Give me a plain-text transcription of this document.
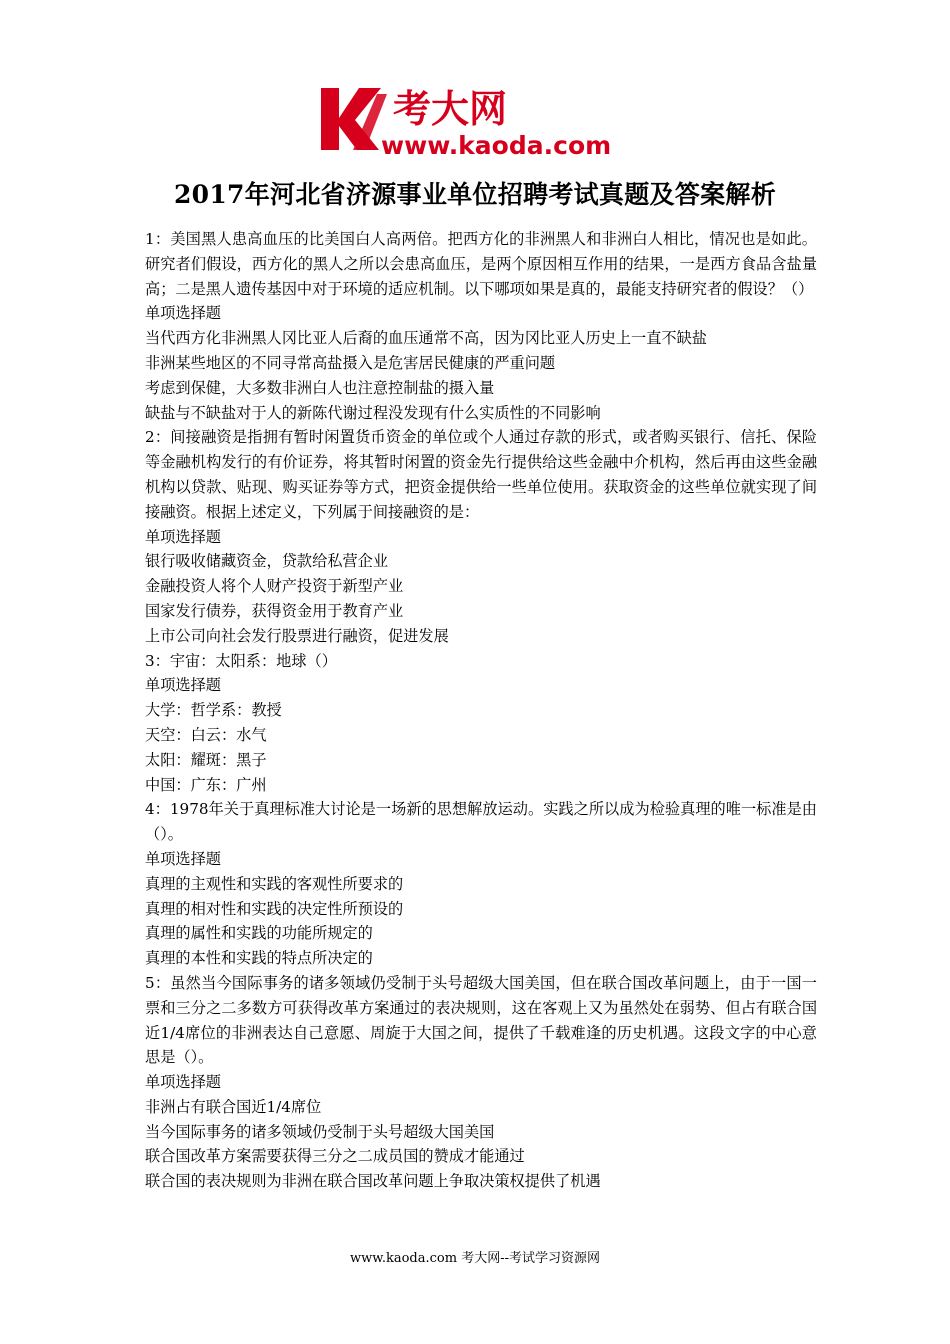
考大网
www.kaoda.com
2017年河北省济源事业单位招聘考试真题及答案解析
1：美国黑人患高血压的比美国白人高两倍。把西方化的非洲黑人和非洲白人相比，情况也是如此。研究者们假设，西方化的黑人之所以会患高血压，是两个原因相互作用的结果，一是西方食品含盐量高；二是黑人遗传基因中对于环境的适应机制。以下哪项如果是真的，最能支持研究者的假设？（）
单项选择题
当代西方化非洲黑人冈比亚人后裔的血压通常不高，因为冈比亚人历史上一直不缺盐
非洲某些地区的不同寻常高盐摄入是危害居民健康的严重问题
考虑到保健，大多数非洲白人也注意控制盐的摄入量
缺盐与不缺盐对于人的新陈代谢过程没发现有什么实质性的不同影响
2：间接融资是指拥有暂时闲置货币资金的单位或个人通过存款的形式，或者购买银行、信托、保险等金融机构发行的有价证券，将其暂时闲置的资金先行提供给这些金融中介机构，然后再由这些金融机构以贷款、贴现、购买证券等方式，把资金提供给一些单位使用。获取资金的这些单位就实现了间接融资。根据上述定义，下列属于间接融资的是：
单项选择题
银行吸收储藏资金，贷款给私营企业
金融投资人将个人财产投资于新型产业
国家发行债券，获得资金用于教育产业
上市公司向社会发行股票进行融资，促进发展
3：宇宙：太阳系：地球（）
单项选择题
大学：哲学系：教授
天空：白云：水气
太阳：耀斑：黑子
中国：广东：广州
4：1978年关于真理标准大讨论是一场新的思想解放运动。实践之所以成为检验真理的唯一标准是由（）。
单项选择题
真理的主观性和实践的客观性所要求的
真理的相对性和实践的决定性所预设的
真理的属性和实践的功能所规定的
真理的本性和实践的特点所决定的
5：虽然当今国际事务的诸多领域仍受制于头号超级大国美国，但在联合国改革问题上，由于一国一票和三分之二多数方可获得改革方案通过的表决规则，这在客观上又为虽然处在弱势、但占有联合国近1/4席位的非洲表达自己意愿、周旋于大国之间，提供了千载难逢的历史机遇。这段文字的中心意思是（）。
单项选择题
非洲占有联合国近1/4席位
当今国际事务的诸多领域仍受制于头号超级大国美国
联合国改革方案需要获得三分之二成员国的赞成才能通过
联合国的表决规则为非洲在联合国改革问题上争取决策权提供了机遇
www.kaoda.com 考大网--考试学习资源网
